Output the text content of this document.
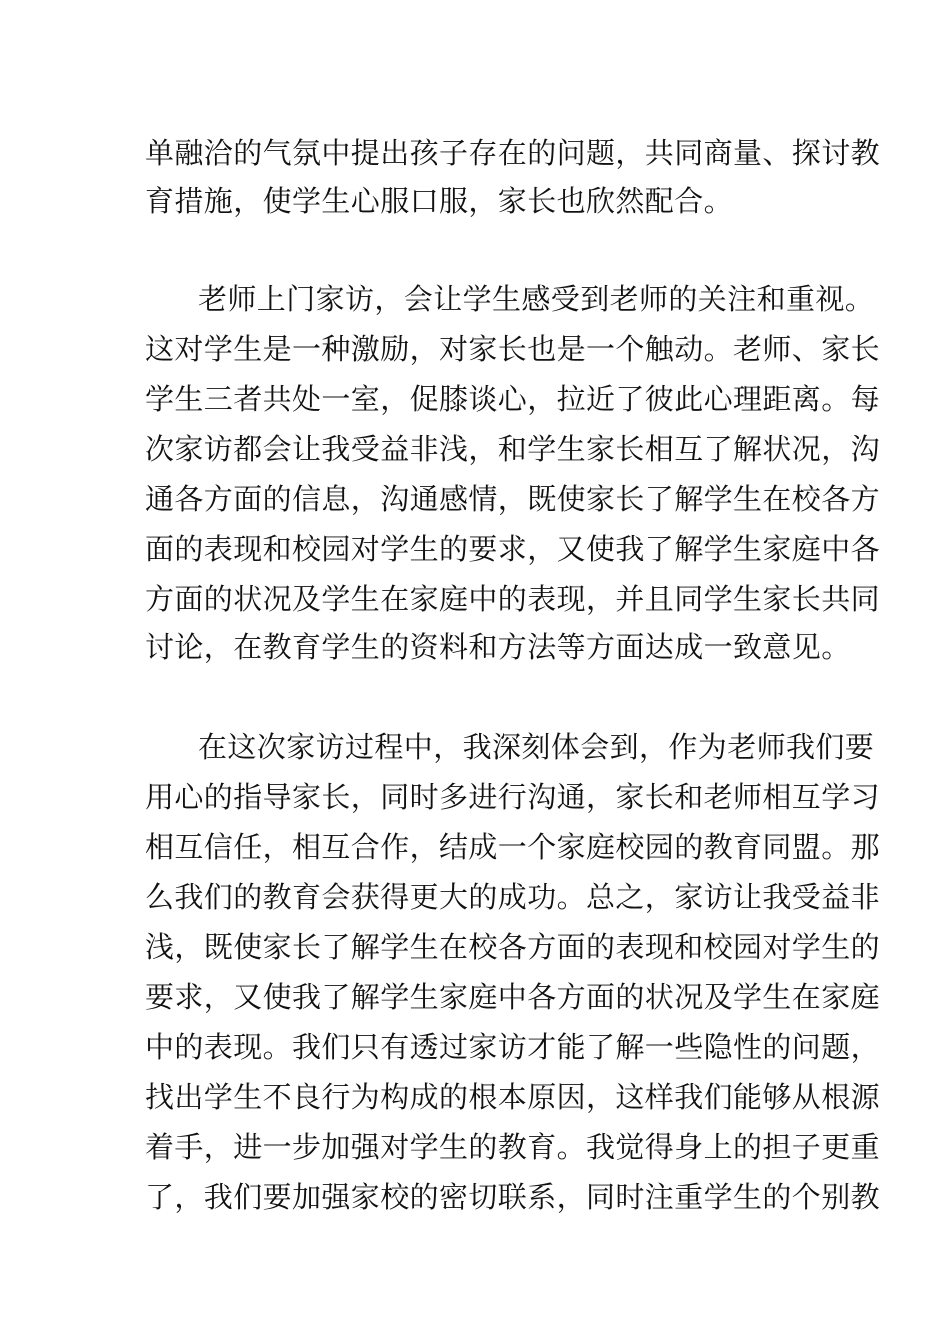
单融洽的气氛中提出孩子存在的问题，共同商量、探讨教
育措施，使学生心服口服，家长也欣然配合。
老师上门家访，会让学生感受到老师的关注和重视。
这对学生是一种激励，对家长也是一个触动。老师、家长
学生三者共处一室，促膝谈心，拉近了彼此心理距离。每
次家访都会让我受益非浅，和学生家长相互了解状况，沟
通各方面的信息，沟通感情，既使家长了解学生在校各方
面的表现和校园对学生的要求，又使我了解学生家庭中各
方面的状况及学生在家庭中的表现，并且同学生家长共同
讨论，在教育学生的资料和方法等方面达成一致意见。
在这次家访过程中，我深刻体会到，作为老师我们要
用心的指导家长，同时多进行沟通，家长和老师相互学习
相互信任，相互合作，结成一个家庭校园的教育同盟。那
么我们的教育会获得更大的成功。总之，家访让我受益非
浅，既使家长了解学生在校各方面的表现和校园对学生的
要求，又使我了解学生家庭中各方面的状况及学生在家庭
中的表现。我们只有透过家访才能了解一些隐性的问题，
找出学生不良行为构成的根本原因，这样我们能够从根源
着手，进一步加强对学生的教育。我觉得身上的担子更重
了，我们要加强家校的密切联系，同时注重学生的个别教
